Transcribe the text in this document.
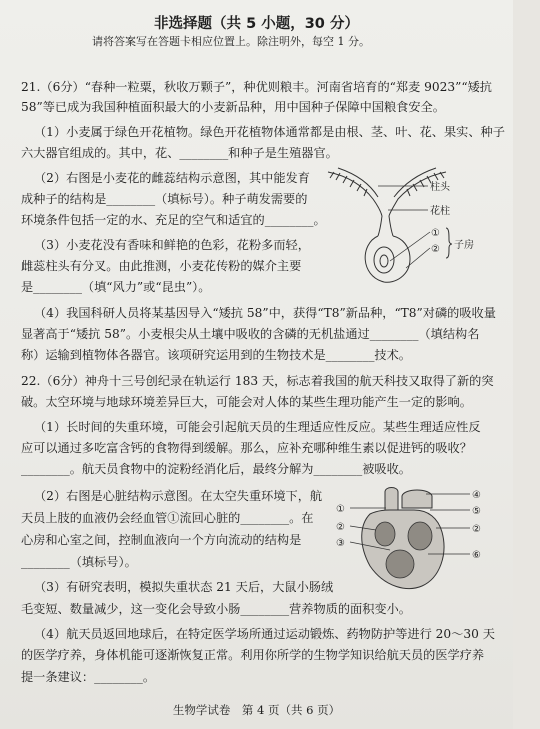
非选择题（共 5 小题，30 分）
请将答案写在答题卡相应位置上。除注明外，每空 1 分。
21.（6分）“春种一粒粟，秋收万颗子”，种优则粮丰。河南省培育的“郑麦 9023”“矮抗
58”等已成为我国种植面积最大的小麦新品种，用中国种子保障中国粮食安全。
（1）小麦属于绿色开花植物。绿色开花植物体通常都是由根、茎、叶、花、果实、种子
六大器官组成的。其中，花、________和种子是生殖器官。
（2）右图是小麦花的雌蕊结构示意图，其中能发育
成种子的结构是________（填标号）。种子萌发需要的
环境条件包括一定的水、充足的空气和适宜的________。
（3）小麦花没有香味和鲜艳的色彩，花粉多而轻，
雌蕊柱头有分叉。由此推测，小麦花传粉的媒介主要
是________（填“风力”或“昆虫”）。
（4）我国科研人员将某基因导入“矮抗 58”中，获得“T8”新品种，“T8”对磷的吸收量
显著高于“矮抗 58”。小麦根尖从土壤中吸收的含磷的无机盐通过________（填结构名
称）运输到植物体各器官。该项研究运用到的生物技术是________技术。
22.（6分）神舟十三号创纪录在轨运行 183 天，标志着我国的航天科技又取得了新的突
破。太空环境与地球环境差异巨大，可能会对人体的某些生理功能产生一定的影响。
（1）长时间的失重环境，可能会引起航天员的生理适应性反应。某些生理适应性反
应可以通过多吃富含钙的食物得到缓解。那么，应补充哪种维生素以促进钙的吸收？
________。航天员食物中的淀粉经消化后，最终分解为________被吸收。
（2）右图是心脏结构示意图。在太空失重环境下，航
天员上肢的血液仍会经血管①流回心脏的________。在
心房和心室之间，控制血液向一个方向流动的结构是
________（填标号）。
（3）有研究表明，模拟失重状态 21 天后，大鼠小肠绒
毛变短、数量减少，这一变化会导致小肠________营养物质的面积变小。
（4）航天员返回地球后，在特定医学场所通过运动锻炼、药物防护等进行 20～30 天
的医学疗养，身体机能可逐渐恢复正常。利用你所学的生物学知识给航天员的医学疗养
提一条建议：________。
柱头
花柱
①
② 子房
④
⑤
②
⑥
①
②
③
生物学试卷　第 4 页（共 6 页）
